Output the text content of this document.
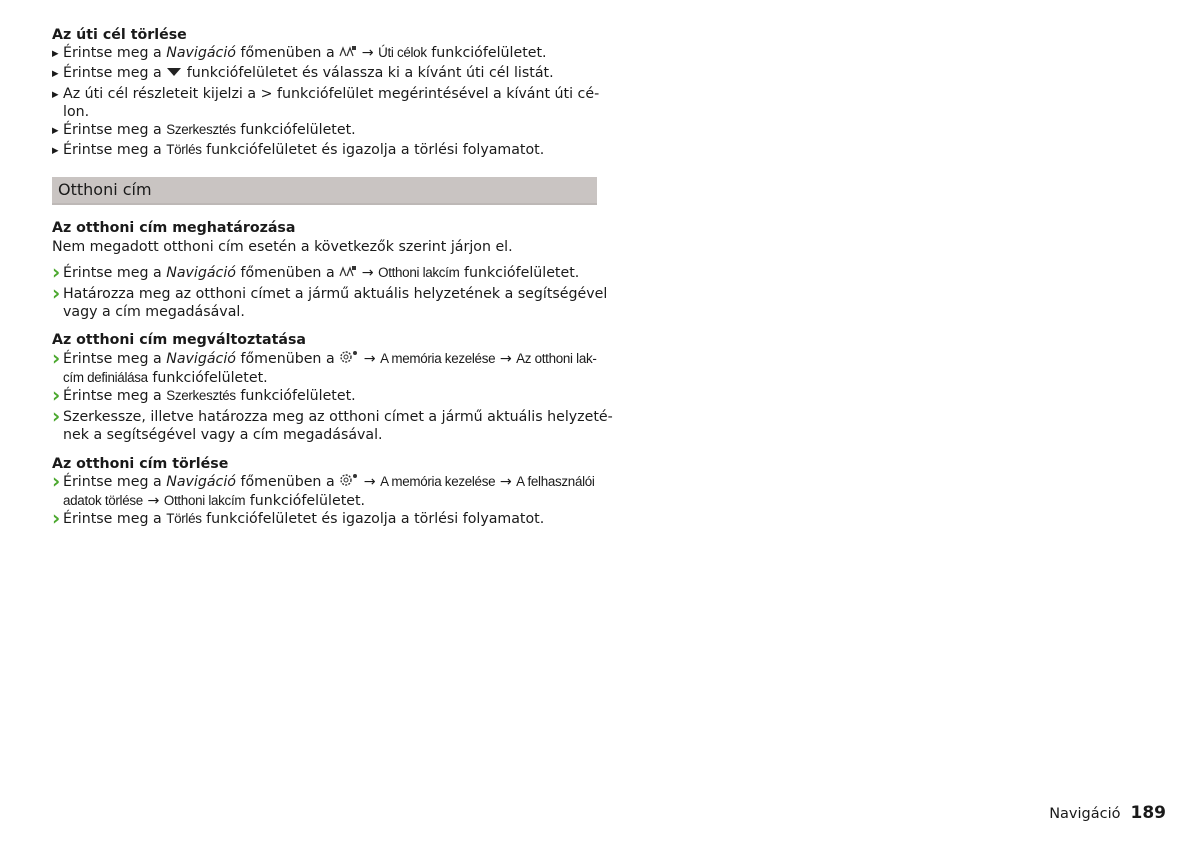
Az úti cél törlése
▶
Érintse meg a Navigáció főmenüben a  → Úti célok funkciófelületet.
▶
Érintse meg a  funkciófelületet és válassza ki a kívánt úti cél listát.
▶
Az úti cél részleteit kijelzi a > funkciófelület megérintésével a kívánt úti cé-
lon.
▶
Érintse meg a Szerkesztés funkciófelületet.
▶
Érintse meg a Törlés funkciófelületet és igazolja a törlési folyamatot.
Otthoni cím
Az otthoni cím meghatározása
Nem megadott otthoni cím esetén a következők szerint járjon el.
›
Érintse meg a Navigáció főmenüben a  → Otthoni lakcím funkciófelületet.
›
Határozza meg az otthoni címet a jármű aktuális helyzetének a segítségével
vagy a cím megadásával.
Az otthoni cím megváltoztatása
›
Érintse meg a Navigáció főmenüben a  → A memória kezelése → Az otthoni lak-
cím definiálása funkciófelületet.
›
Érintse meg a Szerkesztés funkciófelületet.
›
Szerkessze, illetve határozza meg az otthoni címet a jármű aktuális helyzeté-
nek a segítségével vagy a cím megadásával.
Az otthoni cím törlése
›
Érintse meg a Navigáció főmenüben a  → A memória kezelése → A felhasználói
adatok törlése → Otthoni lakcím funkciófelületet.
›
Érintse meg a Törlés funkciófelületet és igazolja a törlési folyamatot.
Navigáció 189
